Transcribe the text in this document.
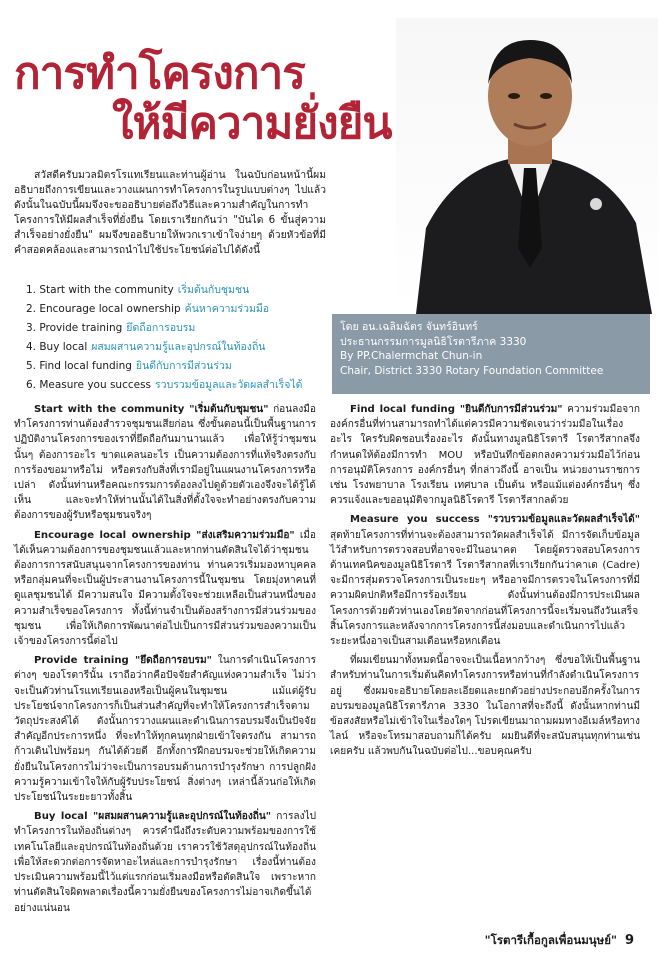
การทำโครงการ
ให้มีความยั่งยืน
โดย อน.เฉลิมฉัตร จันทร์อินทร์
ประธานกรรมการมูลนิธิโรตารีภาค 3330
By PP.Chalermchat Chun-in
Chair, District 3330 Rotary Foundation Committee

สวัสดีครับมวลมิตรโรแทเรียนและท่านผู้อ่าน ในฉบับก่อนหน้านี้ผมอธิบายถึงการเขียนและวางแผนการทำโครงการในรูปแบบต่างๆ ไปแล้ว ดังนั้นในฉบับนี้ผมจึงจะขออธิบายต่อถึงวิธีและความสำคัญในการทำโครงการให้มีผลสำเร็จที่ยั่งยืน โดยเราเรียกกันว่า "บันได 6 ขั้นสู่ความสำเร็จอย่างยั่งยืน" ผมจึงขออธิบายให้พวกเราเข้าใจง่ายๆ ด้วยหัวข้อที่มีคำสอดคล้องและสามารถนำไปใช้ประโยชน์ต่อไปได้ดังนี้

1. Start with the community เริ่มต้นกับชุมชน
2. Encourage local ownership ค้นหาความร่วมมือ
3. Provide training ยึดถือการอบรม
4. Buy local ผสมผสานความรู้และอุปกรณ์ในท้องถิ่น
5. Find local funding ยินดีกับการมีส่วนร่วม
6. Measure you success รวบรวมข้อมูลและวัดผลสำเร็จได้

Start with the community "เริ่มต้นกับชุมชน" ก่อนลงมือทำโครงการท่านต้องสำรวจชุมชนเสียก่อน ซึ่งขั้นตอนนี้เป็นพื้นฐานการปฏิบัติงานโครงการของเราที่ยึดถือกันมานานแล้ว เพื่อให้รู้ว่าชุมชนนั้นๆ ต้องการอะไร ขาดแคลนอะไร เป็นความต้องการที่แท้จริงตรงกับการร้องขอมาหรือไม่ หรือตรงกับสิ่งที่เรามีอยู่ในแผนงานโครงการหรือเปล่า ดังนั้นท่านหรือคณะกรรมการต้องลงไปดูด้วยตัวเองจึงจะได้รู้ได้เห็น และจะทำให้ท่านนั้นได้ในสิ่งที่ตั้งใจจะทำอย่างตรงกับความต้องการของผู้รับหรือชุมชนจริงๆ

Encourage local ownership "ส่งเสริมความร่วมมือ" เมื่อได้เห็นความต้องการของชุมชนแล้วและหากท่านตัดสินใจได้ว่าชุมชนต้องการการสนับสนุนจากโครงการของท่าน ท่านควรเริ่มมองหาบุคคลหรือกลุ่มคนที่จะเป็นผู้ประสานงานโครงการนี้ในชุมชน โดยมุ่งหาคนที่ดูแลชุมชนได้ มีความสนใจ มีความตั้งใจจะช่วยเหลือเป็นส่วนหนึ่งของความสำเร็จของโครงการ ทั้งนี้ท่านจำเป็นต้องสร้างการมีส่วนร่วมของชุมชน เพื่อให้เกิดการพัฒนาต่อไปเป็นการมีส่วนร่วมของความเป็นเจ้าของโครงการนี้ต่อไป

Provide training "ยึดถือการอบรม" ในการดำเนินโครงการต่างๆ ของโรตารีนั้น เราถือว่ากคือปัจจัยสำคัญแห่งความสำเร็จ ไม่ว่าจะเป็นตัวท่านโรแทเรียนเองหรือเป็นผู้คนในชุมชน แม้แต่ผู้รับประโยชน์จากโครงการก็เป็นส่วนสำคัญที่จะทำให้โครงการสำเร็จตามวัตถุประสงค์ได้ ดังนั้นการวางแผนและดำเนินการอบรมจึงเป็นปัจจัยสำคัญอีกประการหนึ่ง ที่จะทำให้ทุกคนทุกฝ่ายเข้าใจตรงกัน สามารถก้าวเดินไปพร้อมๆ กันได้ด้วยดี อีกทั้งการฝึกอบรมจะช่วยให้เกิดความยั่งยืนในโครงการไม่ว่าจะเป็นการอบรมด้านการบำรุงรักษา การปลูกฝังความรู้ความเข้าใจให้กับผู้รับประโยชน์ สิ่งต่างๆ เหล่านี้ล้วนก่อให้เกิดประโยชน์ในระยะยาวทั้งสิ้น

Buy local "ผสมผสานความรู้และอุปกรณ์ในท้องถิ่น" การลงไปทำโครงการในท้องถิ่นต่างๆ ควรคำนึงถึงระดับความพร้อมของการใช้เทคโนโลยีและอุปกรณ์ในท้องถิ่นด้วย เราควรใช้วัสดุอุปกรณ์ในท้องถิ่นเพื่อให้สะดวกต่อการจัดหาอะไหล่และการบำรุงรักษา เรื่องนี้ท่านต้องประเมินความพร้อมนี้ไว้แต่แรกก่อนเริ่มลงมือหรือตัดสินใจ เพราะหากท่านตัดสินใจผิดพลาดเรื่องนี้ความยั่งยืนของโครงการไม่อาจเกิดขึ้นได้อย่างแน่นอน

Find local funding "ยินดีกับการมีส่วนร่วม" ความร่วมมือจากองค์กรอื่นที่ท่านสามารถทำได้แต่ควรมีความชัดเจนว่าร่วมมือในเรื่องอะไร ใครรับผิดชอบเรื่องอะไร ดังนั้นทางมูลนิธิโรตารี โรตารีสากลจึงกำหนดให้ต้องมีการทำ MOU หรือบันทึกข้อตกลงความร่วมมือไว้ก่อนการอนุมัติโครงการ องค์กรอื่นๆ ที่กล่าวถึงนี้ อาจเป็น หน่วยงานราชการ เช่น โรงพยาบาล โรงเรียน เทศบาล เป็นต้น หรือแม้แต่องค์กรอื่นๆ ซึ่งควรแจ้งและขออนุมัติจากมูลนิธิโรตารี โรตารีสากลด้วย

Measure you success "รวบรวมข้อมูลและวัดผลสำเร็จได้" สุดท้ายโครงการที่ท่านจะต้องสามารถวัดผลสำเร็จได้ มีการจัดเก็บข้อมูลไว้สำหรับการตรวจสอบที่อาจจะมีในอนาคต โดยผู้ตรวจสอบโครงการด้านเทคนิคของมูลนิธิโรตารี โรตารีสากลที่เราเรียกกันว่าคาเด (Cadre) จะมีการสุ่มตรวจโครงการเป็นระยะๆ หรืออาจมีการตรวจในโครงการที่มีความผิดปกติหรือมีการร้องเรียน ดังนั้นท่านต้องมีการประเมินผลโครงการด้วยตัวท่านเองโดยวัดจากก่อนที่โครงการนี้จะเริ่มจนถึงวันเสร็จสิ้นโครงการและหลังจากการโครงการนี้ส่งมอบและดำเนินการไปแล้วระยะหนึ่งอาจเป็นสามเดือนหรือหกเดือน

ที่ผมเขียนมาทั้งหมดนี้อาจจะเป็นเนื้อหากว้างๆ ซึ่งขอให้เป็นพื้นฐานสำหรับท่านในการเริ่มต้นคิดทำโครงการหรือท่านที่กำลังดำเนินโครงการอยู่ ซึ่งผมจะอธิบายโดยละเอียดและยกตัวอย่างประกอบอีกครั้งในการอบรมของมูลนิธิโรตารีภาค 3330 ในโอกาสที่จะถึงนี้ ดังนั้นหากท่านมีข้อสงสัยหรือไม่เข้าใจในเรื่องใดๆ โปรดเขียนมาถามผมทางอีเมล์หรือทางไลน์ หรือจะโทรมาสอบถามก็ได้ครับ ผมยินดีที่จะสนับสนุนทุกท่านเช่นเคยครับ แล้วพบกันในฉบับต่อไป...ขอบคุณครับ

"โรตารีเกื้อกูลเพื่อนมนุษย์" 9
